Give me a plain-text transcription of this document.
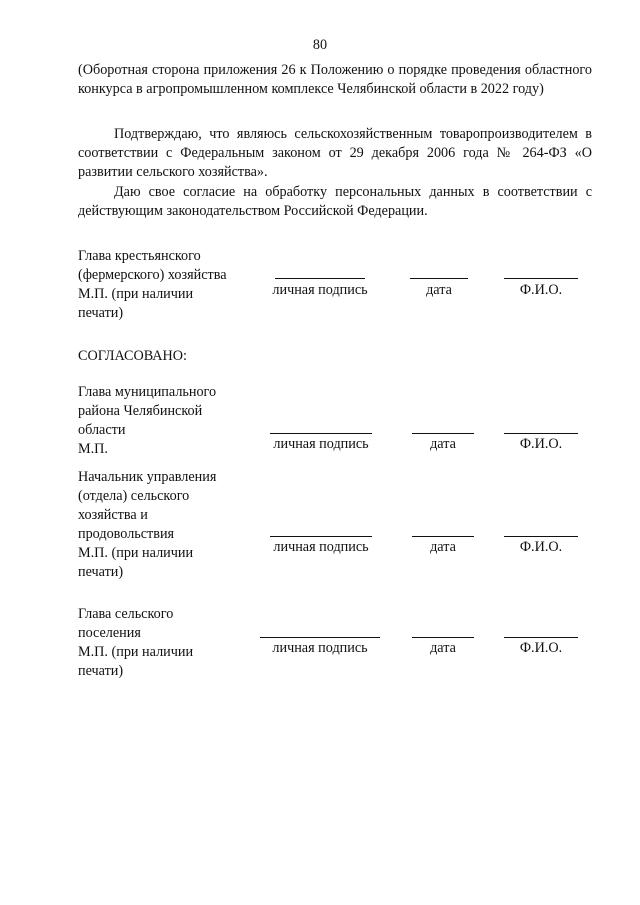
80

(Оборотная сторона приложения 26 к Положению о порядке проведения областного конкурса в агропромышленном комплексе Челябинской области в 2022 году)

Подтверждаю, что являюсь сельскохозяйственным товаропроизводителем в соответствии с Федеральным законом от 29 декабря 2006 года № 264-ФЗ «О развитии сельского хозяйства».

Даю свое согласие на обработку персональных данных в соответствии с действующим законодательством Российской Федерации.

Глава крестьянского
(фермерского) хозяйства
М.П. (при наличии
печати)
личная подпись	дата	Ф.И.О.
СОГЛАСОВАНО:
Глава муниципального
района Челябинской
области
М.П.	личная подпись	дата	Ф.И.О.
Начальник управления
(отдела) сельского
хозяйства и
продовольствия
М.П. (при наличии
печати)
личная подпись	дата	Ф.И.О.
Глава сельского
поселения
М.П. (при наличии
печати)
личная подпись	дата	Ф.И.О.
